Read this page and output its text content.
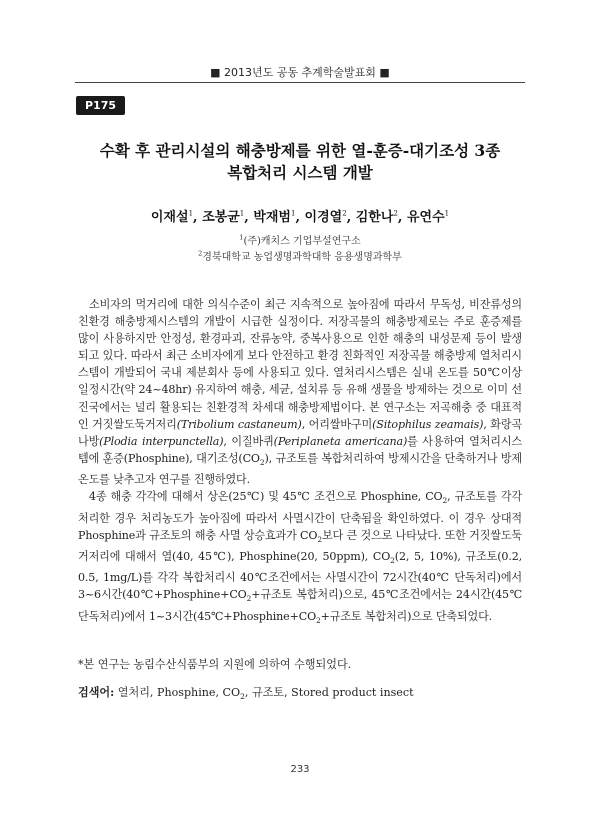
■ 2013년도 공동 추계학술발표회 ■
P175
수확 후 관리시설의 해충방제를 위한 열-훈증-대기조성 3종
복합처리 시스템 개발
이재설$^1$, 조봉균$^1$, 박재범$^1$, 이경열$^2$, 김한나$^2$, 유연수$^1$
$^1$(주)캐치스 기업부설연구소
$^2$경북대학교 농업생명과학대학 응용생명과학부

소비자의 먹거리에 대한 의식수준이 최근 지속적으로 높아짐에 따라서 무독성, 비잔류성의 친환경 해충방제시스템의 개발이 시급한 실정이다. 저장곡물의 해충방제로는 주로 훈증제를 많이 사용하지만 안정성, 환경파괴, 잔류농약, 중복사용으로 인한 해충의 내성문제 등이 발생되고 있다. 따라서 최근 소비자에게 보다 안전하고 환경 친화적인 저장곡물 해충방제 열처리시스템이 개발되어 국내 제분회사 등에 사용되고 있다. 열처리시스템은 실내 온도를 50℃이상 일정시간(약 24~48hr) 유지하여 해충, 세균, 설치류 등 유해 생물을 방제하는 것으로 이미 선진국에서는 널리 활용되는 친환경적 차세대 해충방제법이다. 본 연구소는 저곡해충 중 대표적인 거짓쌀도둑거저리(Tribolium castaneum), 어리쌀바구미(Sitophilus zeamais), 화랑곡나방(Plodia interpunctella), 이질바퀴(Periplaneta americana)를 사용하여 열처리시스템에 훈증(Phosphine), 대기조성$(CO_2)$, 규조토를 복합처리하여 방제시간을 단축하거나 방제 온도를 낮추고자 연구를 진행하였다.

4종 해충 각각에 대해서 상온(25℃) 및 45℃ 조건으로 Phosphine, $CO_2$, 규조토를 각각 처리한 경우 처리농도가 높아짐에 따라서 사멸시간이 단축됨을 확인하였다. 이 경우 상대적 Phosphine과 규조토의 해충 사멸 상승효과가 $CO_2$보다 큰 것으로 나타났다. 또한 거짓쌀도둑거저리에 대해서 열(40, 45℃), Phosphine(20, 50ppm), $CO_2(2$, 5, 10%), 규조토(0.2, 0.5, 1mg/L)를 각각 복합처리시 40℃조건에서는 사멸시간이 72시간(40℃ 단독처리)에서 3~6시간($40℃+Phosphine+CO_2+$규조토 복합처리)으로, 45℃조건에서는 24시간(45℃ 단독처리)에서 1~3시간($45℃+Phosphine+CO_2+$규조토 복합처리)으로 단축되었다.

*본 연구는 농림수산식품부의 지원에 의하여 수행되었다.
검색어: 열처리, Phosphine, $CO_2$, 규조토, Stored product insect
233
